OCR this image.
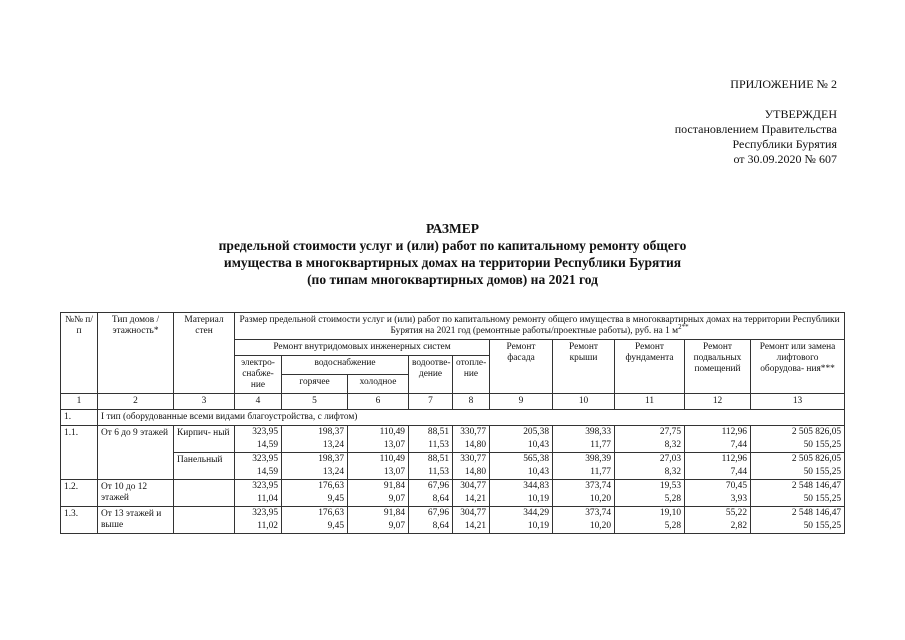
ПРИЛОЖЕНИЕ № 2
УТВЕРЖДЕН
постановлением Правительства
Республики Бурятия
от 30.09.2020 № 607
РАЗМЕР
предельной стоимости услуг и (или) работ по капитальному ремонту общего
имущества в многоквартирных домах на территории Республики Бурятия
(по типам многоквартирных домов) на 2021 год
№№ п/п	Тип домов / этажность*	Материал стен	Размер предельной стоимости услуг и (или) работ по капитальному ремонту общего имущества в многоквартирных домах на территории Республики Бурятия на 2021 год (ремонтные работы/проектные работы), руб. на 1 $м^{2**}$
			Ремонт внутридомовых инженерных систем					Ремонт фасада	Ремонт крыши	Ремонт фундамента	Ремонт подвальных помещений	Ремонт или замена лифтового оборудова- ния***
			электро- снабже- ние	водоснабжение		водоотве- дение	отопле- ние					
				горячее	холодное							
1	2	3	4	5	6	7	8	9	10	11	12	13
1.	I тип (оборудованные всеми видами благоустройства, с лифтом)											
1.1.	От 6 до 9 этажей	Кирпич- ный	323,95	198,37	110,49	88,51	330,77	205,38	398,33	27,75	112,96	2 505 826,05
			14,59	13,24	13,07	11,53	14,80	10,43	11,77	8,32	7,44	50 155,25
		Панельный	323,95	198,37	110,49	88,51	330,77	565,38	398,39	27,03	112,96	2 505 826,05
			14,59	13,24	13,07	11,53	14,80	10,43	11,77	8,32	7,44	50 155,25
1.2.	От 10 до 12 этажей		323,95	176,63	91,84	67,96	304,77	344,83	373,74	19,53	70,45	2 548 146,47
			11,04	9,45	9,07	8,64	14,21	10,19	10,20	5,28	3,93	50 155,25
1.3.	От 13 этажей и выше		323,95	176,63	91,84	67,96	304,77	344,29	373,74	19,10	55,22	2 548 146,47
			11,02	9,45	9,07	8,64	14,21	10,19	10,20	5,28	2,82	50 155,25
